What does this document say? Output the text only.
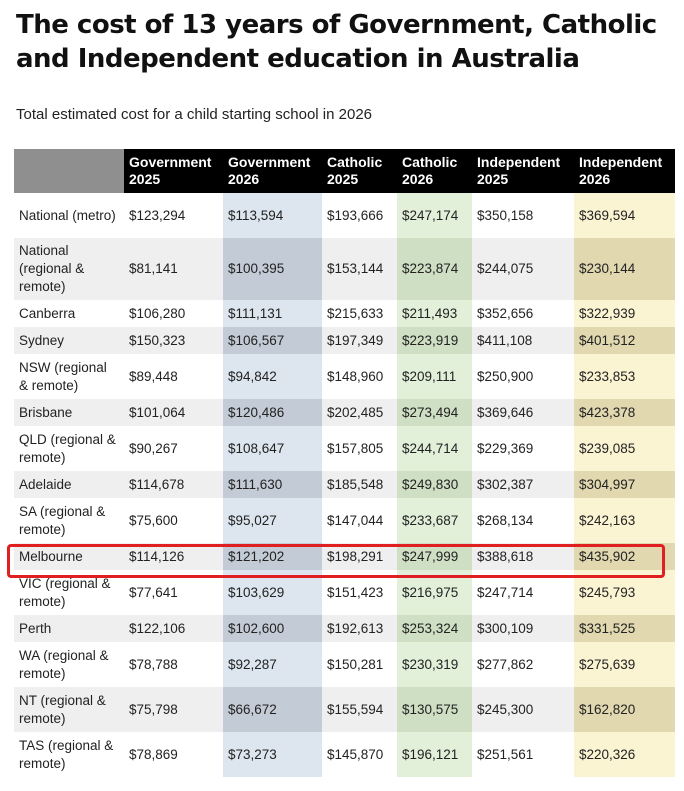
The cost of 13 years of Government, Catholic and Independent education in Australia

Total estimated cost for a child starting school in 2026

	Government 2025	Government 2026	Catholic 2025	Catholic 2026	Independent 2025	Independent 2026
National (metro)	$123,294	$113,594	$193,666	$247,174	$350,158	$369,594
National (regional & remote)	$81,141	$100,395	$153,144	$223,874	$244,075	$230,144
Canberra	$106,280	$111,131	$215,633	$211,493	$352,656	$322,939
Sydney	$150,323	$106,567	$197,349	$223,919	$411,108	$401,512
NSW (regional & remote)	$89,448	$94,842	$148,960	$209,111	$250,900	$233,853
Brisbane	$101,064	$120,486	$202,485	$273,494	$369,646	$423,378
QLD (regional & remote)	$90,267	$108,647	$157,805	$244,714	$229,369	$239,085
Adelaide	$114,678	$111,630	$185,548	$249,830	$302,387	$304,997
SA (regional & remote)	$75,600	$95,027	$147,044	$233,687	$268,134	$242,163
Melbourne	$114,126	$121,202	$198,291	$247,999	$388,618	$435,902
VIC (regional & remote)	$77,641	$103,629	$151,423	$216,975	$247,714	$245,793
Perth	$122,106	$102,600	$192,613	$253,324	$300,109	$331,525
WA (regional & remote)	$78,788	$92,287	$150,281	$230,319	$277,862	$275,639
NT (regional & remote)	$75,798	$66,672	$155,594	$130,575	$245,300	$162,820
TAS (regional & remote)	$78,869	$73,273	$145,870	$196,121	$251,561	$220,326
